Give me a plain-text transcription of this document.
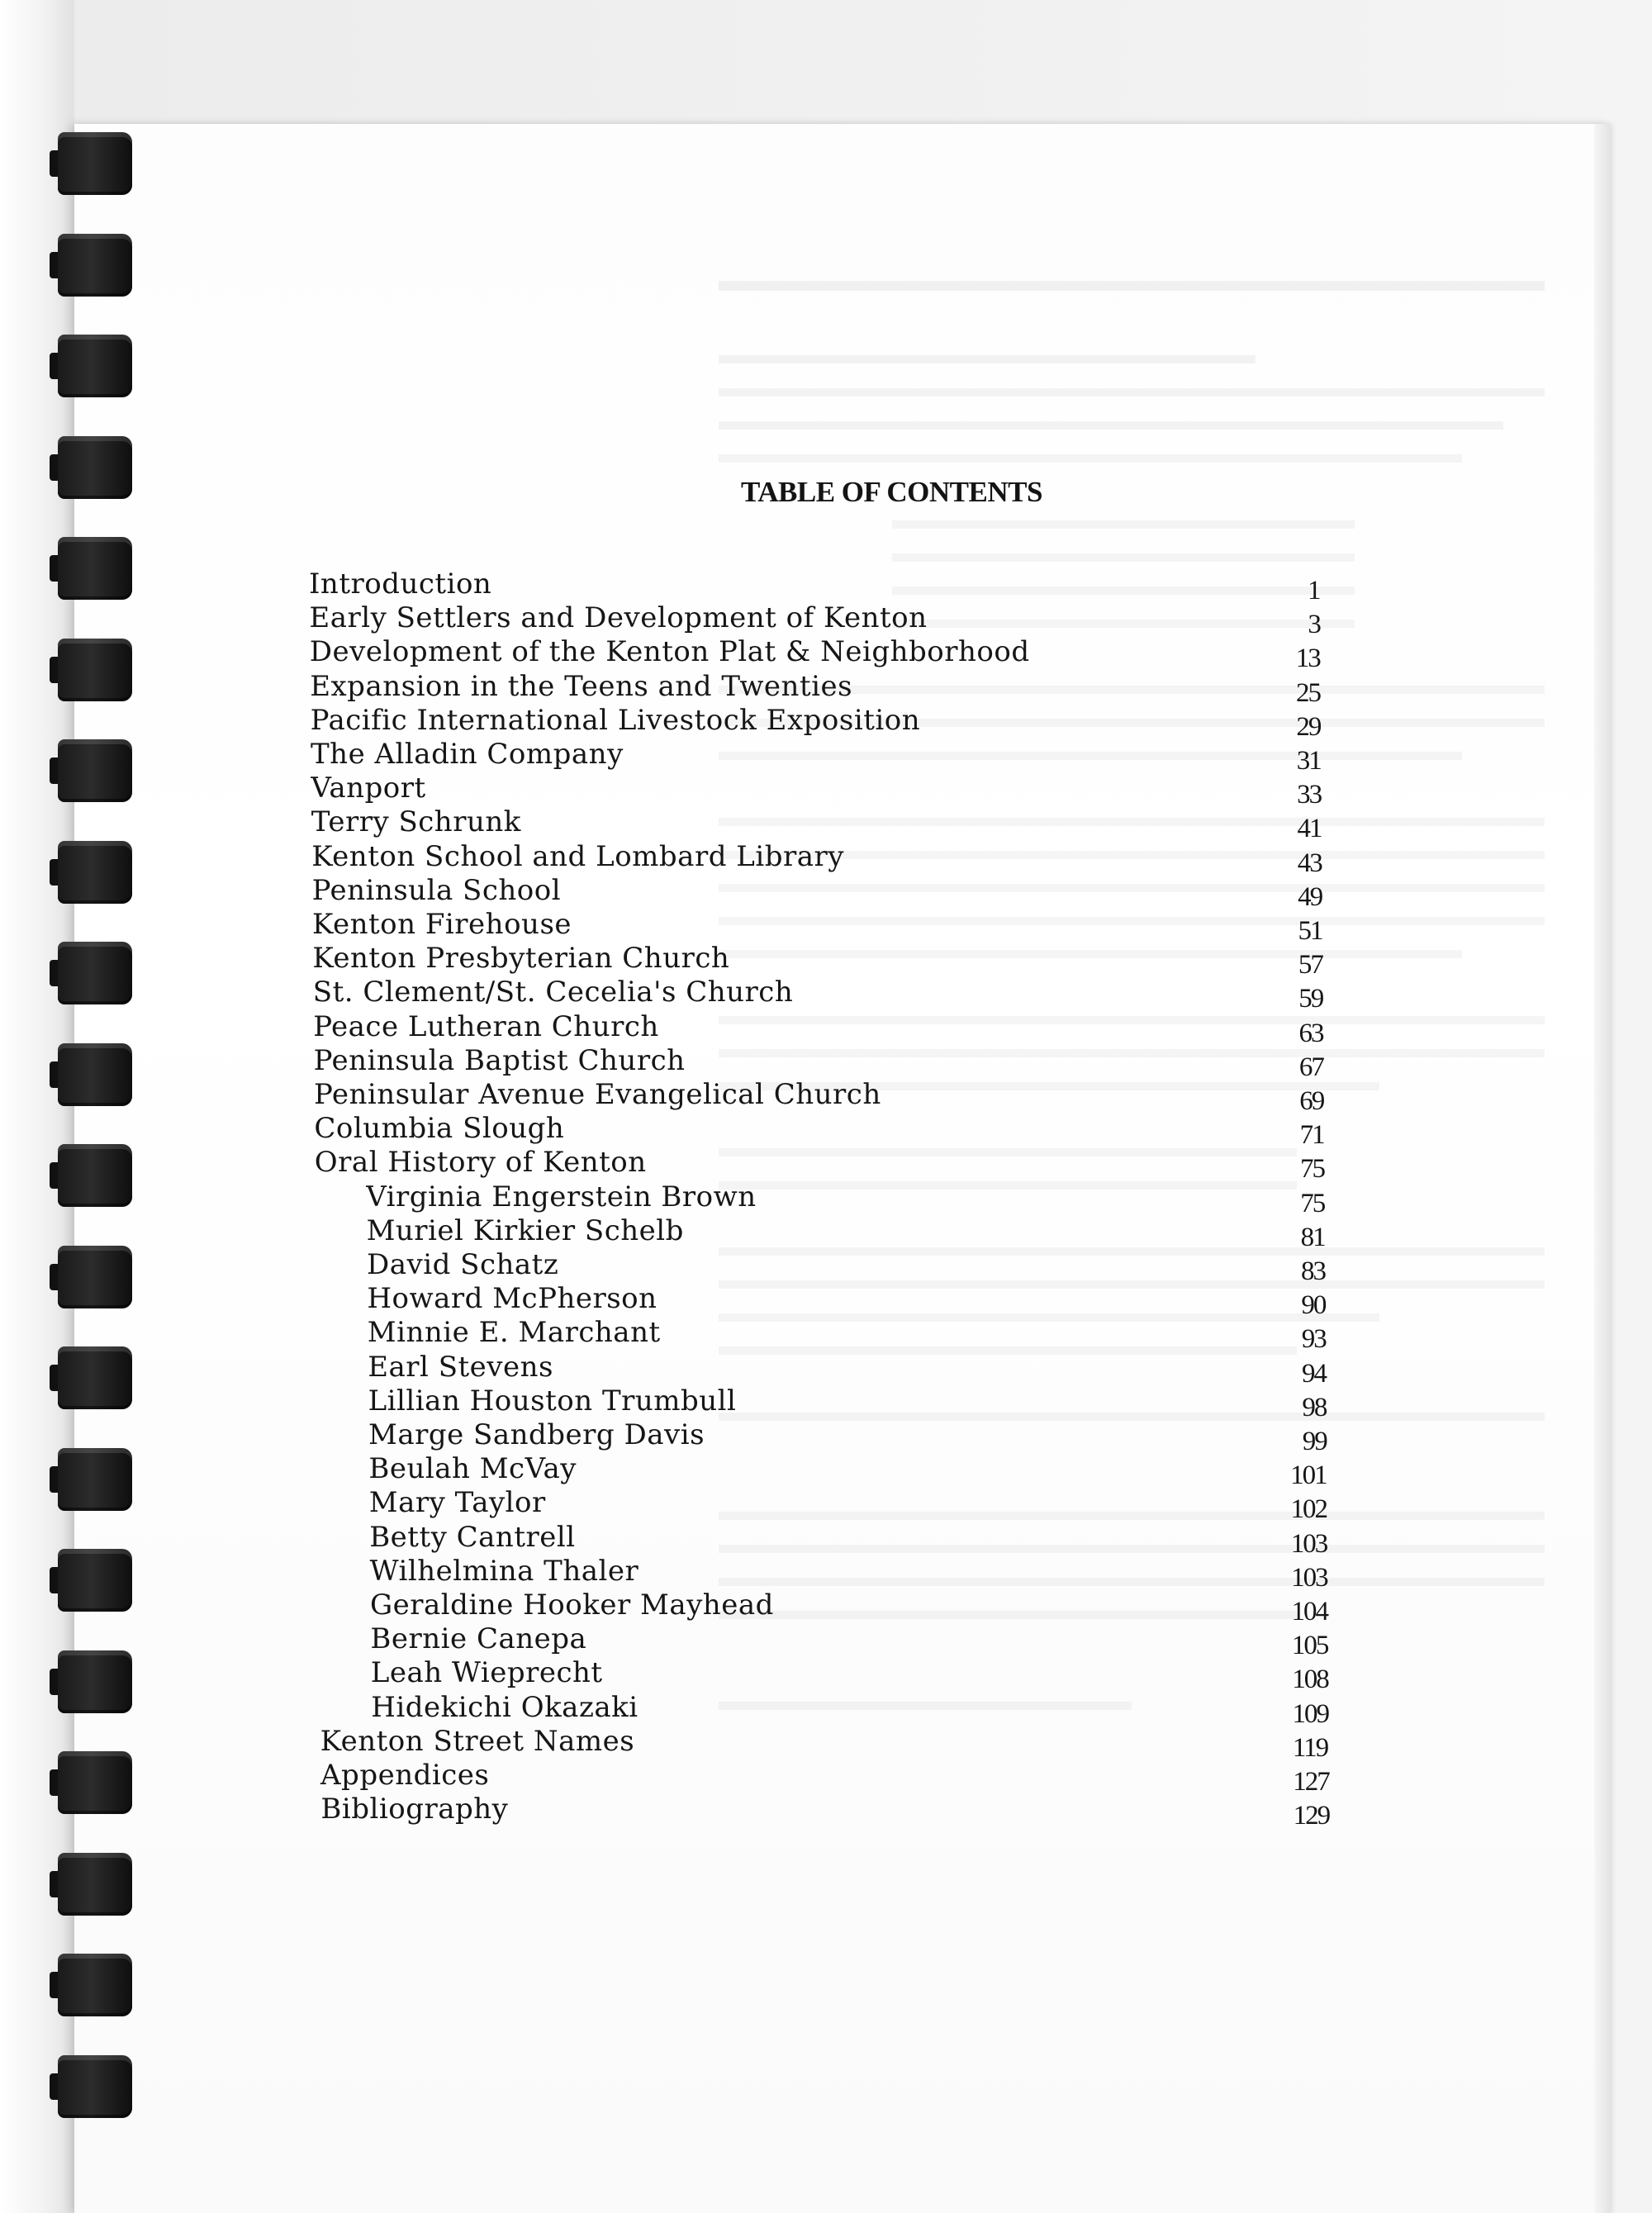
TABLE OF CONTENTS
Introduction	1
Early Settlers and Development of Kenton	3
Development of the Kenton Plat & Neighborhood	13
Expansion in the Teens and Twenties	25
Pacific International Livestock Exposition	29
The Alladin Company	31
Vanport	33
Terry Schrunk	41
Kenton School and Lombard Library	43
Peninsula School	49
Kenton Firehouse	51
Kenton Presbyterian Church	57
St. Clement/St. Cecelia's Church	59
Peace Lutheran Church	63
Peninsula Baptist Church	67
Peninsular Avenue Evangelical Church	69
Columbia Slough	71
Oral History of Kenton	75
Virginia Engerstein Brown	75
Muriel Kirkier Schelb	81
David Schatz	83
Howard McPherson	90
Minnie E. Marchant	93
Earl Stevens	94
Lillian Houston Trumbull	98
Marge Sandberg Davis	99
Beulah McVay	101
Mary Taylor	102
Betty Cantrell	103
Wilhelmina Thaler	103
Geraldine Hooker Mayhead	104
Bernie Canepa	105
Leah Wieprecht	108
Hidekichi Okazaki	109
Kenton Street Names	119
Appendices	127
Bibliography	129
